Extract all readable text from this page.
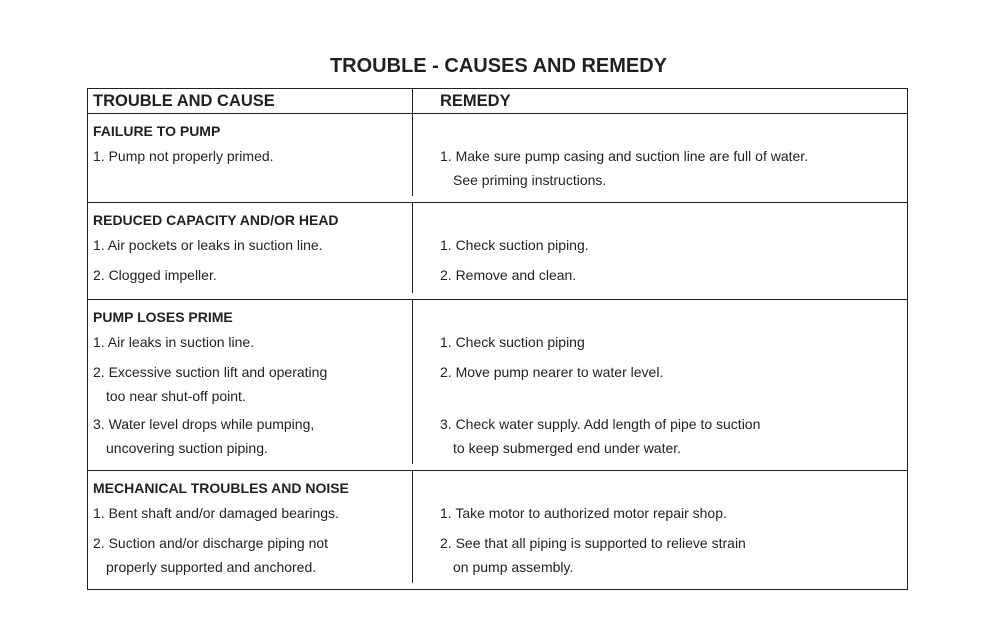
TROUBLE - CAUSES AND REMEDY
TROUBLE AND CAUSE	REMEDY
FAILURE TO PUMP
1. Pump not properly primed.
	1. Make sure pump casing and suction line are full of water.
See priming instructions.
REDUCED CAPACITY AND/OR HEAD
1. Air pockets or leaks in suction line.
2. Clogged impeller.
1. Check suction piping.
2. Remove and clean.
PUMP LOSES PRIME
1. Air leaks in suction line.
2. Excessive suction lift and operating
too near shut-off point.
3. Water level drops while pumping,
uncovering suction piping.
1. Check suction piping
2. Move pump nearer to water level.

3. Check water supply. Add length of pipe to suction
to keep submerged end under water.
MECHANICAL TROUBLES AND NOISE
1. Bent shaft and/or damaged bearings.
2. Suction and/or discharge piping not
properly supported and anchored.
1. Take motor to authorized motor repair shop.
2. See that all piping is supported to relieve strain
on pump assembly.
